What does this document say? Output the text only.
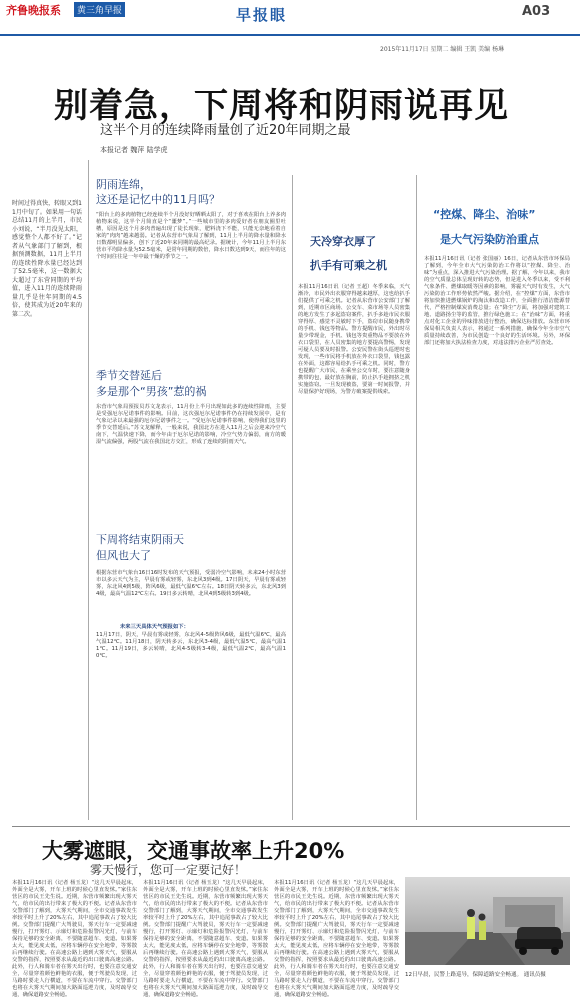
齐鲁晚报系	黄三角早报	早报眼	A03
2015年11月17日 星期二 编辑 王凯 美编 杨琳
别着急，下周将和阴雨说再见
这半个月的连续降雨量创了近20年同期之最
本报记者 魏萍 陆学虎
时间过得真快，转眼又到11月中旬了。如果用一句话总结11月的上半月，市民小刘说，“半月没见太阳，感觉整个人都不好了。”记者从气象部门了解到，根据预测数据，11月上半月的连续性降水量已经达到了52.5毫米，这一数据大大超过了东营同期的平均值，进入11月的连续降雨量几乎是往年同期的4.5倍，使其成为近20年来的第二次。
阴雨连绵，
这还是记忆中的11月吗？
“阳台上的多肉植物已经连续半个月没好好晒晒太阳了，对于喜欢在阳台上养多肉植物来说，这半个月简直是个“噩梦”。”一些城市里的多肉爱好者在朋友圈里吐槽，原因是这个月多肉普遍出现了徒长现象，肥料浇下不能，只能无奈地看着自家的“肉肉”越来越弱。记者从东营市气象局了解到，11月上半月的降水量和降水日数都明显偏多，创下了近20年来同期的最高纪录。据统计，今年11月上半月东营市平均降水量为52.5毫米，是常年同期的数倍，降水日数达到9天，而往年的这个时间往往是一年中最干燥的季节之一。
季节交替延后
多是那个“男孩”惹的祸
东营市气象局预报员苏文龙表示，11月份上半月出现如此多的连续性降雨，主要是受强厄尔尼诺事件的影响。目前，这次强厄尔尼诺事件仍在持续发展中，是有气象记录以来最强的厄尔尼诺事件之一。“受厄尔尼诺事件影响，使得我们这里的季节交替延后。”苏文龙解释，一般来说，我国北方在进入11月之后会迎来冷空气南下，气温快速下降，而今年由于厄尔尼诺的影响，冷空气势力偏弱，南方的暖湿气流偏强，两股气流在我国北方交汇，形成了连续的阴雨天气。
下周将结束阴雨天
但风也大了
根据东营市气象台16日16时发布的天气预报，受弱冷空气影响，未来24小时东营市以多云天气为主，早晨有雾或轻雾，东北风3到4级。17日阴天，早晨有雾或轻雾，东北风4到5级，阵风6级，最低气温6℃左右。18日阴天转多云，东北风3到4级，最高气温12℃左右。19日多云转晴，北风4到5级转3到4级。
未来三天具体天气预报如下：
11月17日，阴天，早晨有雾或轻雾，东北风4-5级阵风6级，最低气温6℃，最高气温12℃。11月18日，阴天转多云，东北风3-4级，最低气温5℃，最高气温11℃。11月19日，多云转晴，北风4-5级转3-4级，最低气温2℃，最高气温10℃。
天冷穿衣厚了
扒手有可乘之机
本报11月16日讯（记者 王超）冬季来临，天气渐冷，市民外出衣服穿得越来越厚，这也给扒手们提供了可乘之机。记者从东营市公安部门了解到，近期市区商场、公交车、菜市场等人员密集的地方发生了多起盗窃案件，扒手多趁市民衣服穿得厚、感觉不灵敏时下手，盗窃市民随身携带的手机、钱包等物品。警方提醒市民，外出时尽量少带现金，手机、钱包等贵重物品不要放在外衣口袋里，在人员密集的地方要提高警惕，发现可疑人员要及时报警。公安民警在街头巡逻时也发现，一些市民将手机放在外衣口袋里，钱包露在外面，这都容易给扒手可乘之机。同时，警方也提醒广大市民，在乘坐公交车时，要注意随身携带的包，最好放在胸前，防止扒手趁拥挤之机实施盗窃。一旦发现被盗，要第一时间报警，并尽量保护好现场，为警方破案提供线索。
“控煤、降尘、治味”
是大气污染防治重点
本报11月16日讯（记者 张国丽）16日，记者从东营市环保局了解到，今年全市大气污染防治工作将以“控煤、降尘、治味”为重点，深入推进大气污染治理。据了解，今年以来，我市的空气质量总体呈现好转的态势，但是进入冬季以来，受不利气象条件、燃煤取暖等因素的影响，雾霾天气时有发生，大气污染防治工作形势依然严峻。据介绍，在“控煤”方面，东营市将加快推进燃煤锅炉的淘汰和改造工作，全面推行清洁能源替代，严格控制煤炭消费总量；在“降尘”方面，将加强对建筑工地、道路扬尘等的监管，推行绿色施工；在“治味”方面，将重点对化工企业的异味排放进行整治，确保达标排放。东营市环保局相关负责人表示，将通过一系列措施，确保今年全市空气质量持续改善，为市民创造一个良好的生活环境。另外，环保部门还将加大执法检查力度，对违法排污企业严厉查处。
大雾遮眼，交通事故率上升20%
雾天慢行，您可一定要记好！
本报11月16日讯（记者 杨玉龙）“这几天早晨起床，外面全是大雾，开车上班的时候心里直发怵。”家住东营区的市民王先生说。近期，东营市频繁出现大雾天气，给市民的出行带来了极大的不便。记者从东营市交警部门了解到，大雾天气期间，全市交通事故发生率较平时上升了20%左右，其中追尾事故占了较大比例。交警部门提醒广大驾驶员，雾天行车一定要减速慢行，打开雾灯、示廓灯和危险报警闪光灯，与前车保持足够的安全距离，不要随意超车、变道。如果雾太大，能见度太低，应将车辆停在安全地带，等雾散后再继续行驶。在高速公路上遇到大雾天气，要服从交警的指挥，按照要求从最近的出口驶离高速公路。此外，行人和骑车者在雾天出行时，也要注意交通安全，尽量穿着颜色鲜艳的衣服，便于驾驶员发现，过马路时要走人行横道，不要在车流中穿行。交警部门也将在大雾天气期间加大路面巡逻力度，及时疏导交通，确保道路安全畅通。
本报11月16日讯（记者 杨玉龙）“这几天早晨起床，外面全是大雾，开车上班的时候心里直发怵。”家住东营区的市民王先生说。近期，东营市频繁出现大雾天气，给市民的出行带来了极大的不便。记者从东营市交警部门了解到，大雾天气期间，全市交通事故发生率较平时上升了20%左右，其中追尾事故占了较大比例。交警部门提醒广大驾驶员，雾天行车一定要减速慢行，打开雾灯、示廓灯和危险报警闪光灯，与前车保持足够的安全距离，不要随意超车、变道。如果雾太大，能见度太低，应将车辆停在安全地带，等雾散后再继续行驶。在高速公路上遇到大雾天气，要服从交警的指挥，按照要求从最近的出口驶离高速公路。此外，行人和骑车者在雾天出行时，也要注意交通安全，尽量穿着颜色鲜艳的衣服，便于驾驶员发现，过马路时要走人行横道，不要在车流中穿行。交警部门也将在大雾天气期间加大路面巡逻力度，及时疏导交通，确保道路安全畅通。
本报11月16日讯（记者 杨玉龙）“这几天早晨起床，外面全是大雾，开车上班的时候心里直发怵。”家住东营区的市民王先生说。近期，东营市频繁出现大雾天气，给市民的出行带来了极大的不便。记者从东营市交警部门了解到，大雾天气期间，全市交通事故发生率较平时上升了20%左右，其中追尾事故占了较大比例。交警部门提醒广大驾驶员，雾天行车一定要减速慢行，打开雾灯、示廓灯和危险报警闪光灯，与前车保持足够的安全距离，不要随意超车、变道。如果雾太大，能见度太低，应将车辆停在安全地带，等雾散后再继续行驶。在高速公路上遇到大雾天气，要服从交警的指挥，按照要求从最近的出口驶离高速公路。此外，行人和骑车者在雾天出行时，也要注意交通安全，尽量穿着颜色鲜艳的衣服，便于驾驶员发现，过马路时要走人行横道，不要在车流中穿行。交警部门也将在大雾天气期间加大路面巡逻力度，及时疏导交通，确保道路安全畅通。
12日早晨，民警上路巡导，保障道路安全畅通。 通讯员摄
